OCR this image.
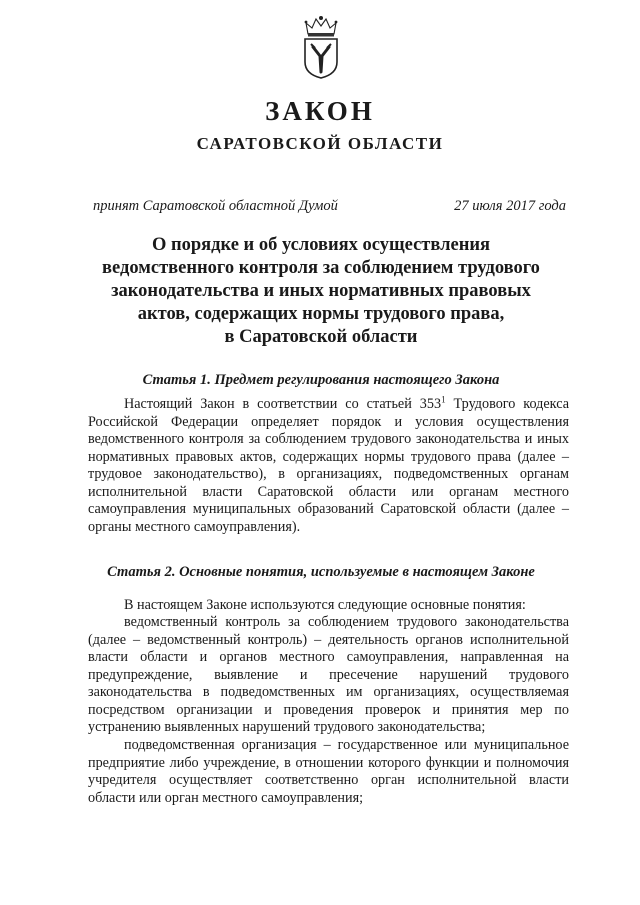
ЗАКОН
САРАТОВСКОЙ ОБЛАСТИ
принят Саратовской областной Думой	27 июля 2017 года
О порядке и об условиях осуществления
ведомственного контроля за соблюдением трудового
законодательства и иных нормативных правовых
актов, содержащих нормы трудового права,
в Саратовской области
Статья 1. Предмет регулирования настоящего Закона

Настоящий Закон в соответствии со статьей $353^1$ Трудового кодекса Российской Федерации определяет порядок и условия осуществления ведомственного контроля за соблюдением трудового законодательства и иных нормативных правовых актов, содержащих нормы трудового права (далее – трудовое законодательство), в организациях, подведомственных органам исполнительной власти Саратовской области или органам местного самоуправления муниципальных образований Саратовской области (далее – органы местного самоуправления).

Статья 2. Основные понятия, используемые в настоящем Законе

В настоящем Законе используются следующие основные понятия:

ведомственный контроль за соблюдением трудового законодательства (далее – ведомственный контроль) – деятельность органов исполнительной власти области и органов местного самоуправления, направленная на предупреждение, выявление и пресечение нарушений трудового законодательства в подведомственных им организациях, осуществляемая посредством организации и проведения проверок и принятия мер по устранению выявленных нарушений трудового законодательства;

подведомственная организация – государственное или муниципальное предприятие либо учреждение, в отношении которого функции и полномочия учредителя осуществляет соответственно орган исполнительной власти области или орган местного самоуправления;
